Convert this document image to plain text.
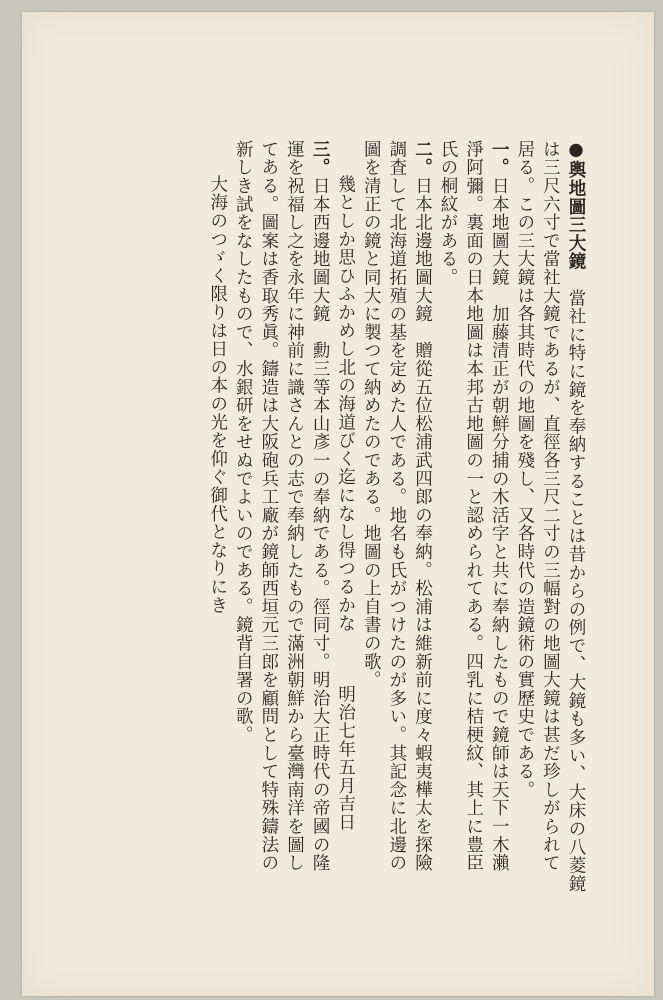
●輿地圖三大鏡　當社に特に鏡を奉納することは昔からの例で、大鏡も多い、大床の八菱鏡
は三尺六寸で當社大鏡であるが、直徑各三尺二寸の三幅對の地圖大鏡は甚だ珍しがられて
居る。この三大鏡は各其時代の地圖を殘し、又各時代の造鏡術の實歷史である。
一。日本地圖大鏡　加藤清正が朝鮮分捕の木活字と共に奉納したもので鏡師は天下一木瀨
淨阿彌。裏面の日本地圖は本邦古地圖の一と認められてある。四乳に桔梗紋、其上に豊臣
氏の桐紋がある。
二。日本北邊地圖大鏡　贈從五位松浦武四郎の奉納。松浦は維新前に度々蝦夷樺太を探險
調査して北海道拓殖の基を定めた人である。地名も氏がつけたのが多い。其記念に北邊の
圖を清正の鏡と同大に製つて納めたのである。地圖の上自書の歌。
幾としか思ひふかめし北の海道びく迄になし得つるかな明治七年五月吉日
三。日本西邊地圖大鏡　勳三等本山彥一の奉納である。徑同寸。明治大正時代の帝國の隆
運を祝福し之を永年に神前に識さんとの志で奉納したもので滿洲朝鮮から臺灣南洋を圖し
てある。圖案は香取秀眞。鑄造は大阪砲兵工廠が鏡師西垣元三郎を顧問として特殊鑄法の
新しき試をなしたもので、水銀研をせぬでよいのである。鏡背自署の歌。
大海のつゞく限りは日の本の光を仰ぐ御代となりにき
